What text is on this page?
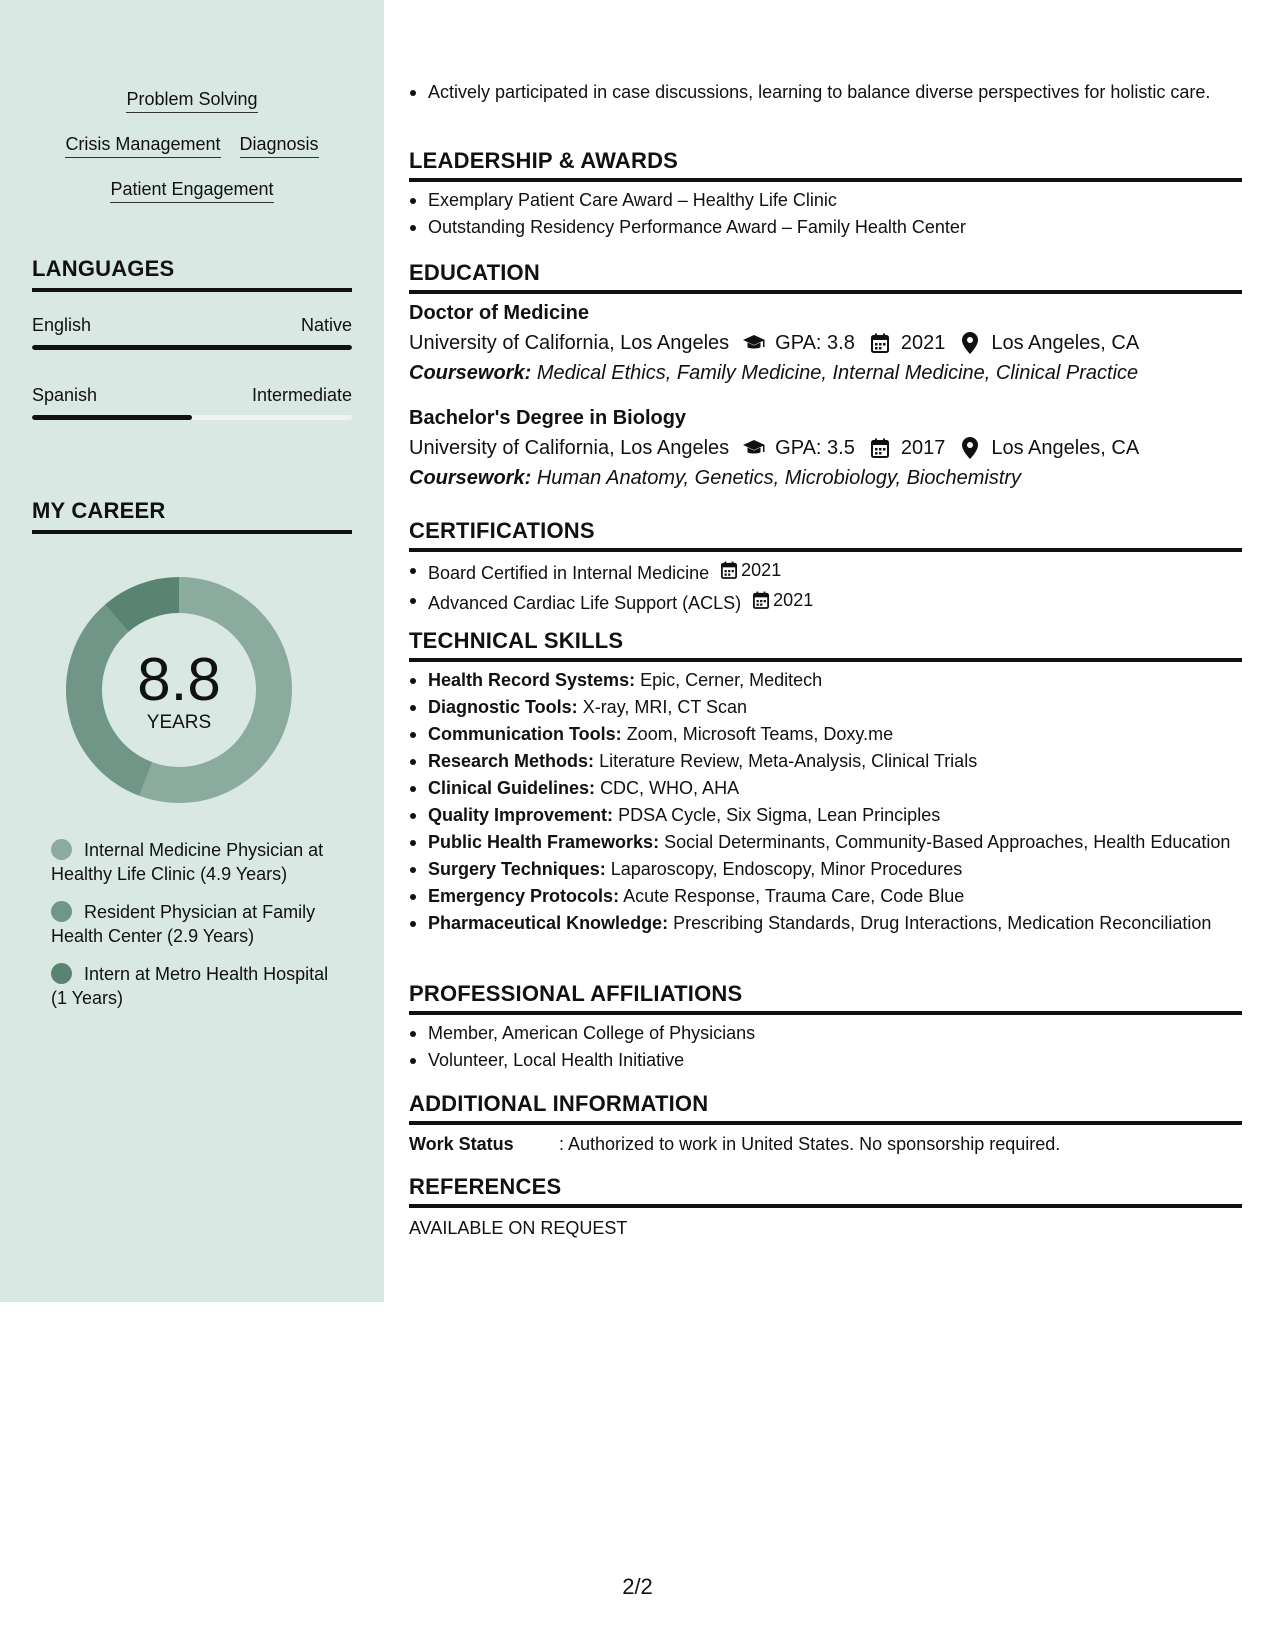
Problem Solving
Crisis Management Diagnosis
Patient Engagement
LANGUAGES
English	Native
Spanish	Intermediate
MY CAREER
8.8
YEARS
Internal Medicine Physician at Healthy Life Clinic (4.9 Years)
Resident Physician at Family Health Center (2.9 Years)
Intern at Metro Health Hospital (1 Years)
Actively participated in case discussions, learning to balance diverse perspectives for holistic care.
LEADERSHIP & AWARDS
Exemplary Patient Care Award – Healthy Life Clinic
Outstanding Residency Performance Award – Family Health Center
EDUCATION
Doctor of Medicine
University of California, Los Angeles GPA: 3.8 2021 Los Angeles, CA
Coursework: Medical Ethics, Family Medicine, Internal Medicine, Clinical Practice
Bachelor's Degree in Biology
University of California, Los Angeles GPA: 3.5 2017 Los Angeles, CA
Coursework: Human Anatomy, Genetics, Microbiology, Biochemistry
CERTIFICATIONS
Board Certified in Internal Medicine 2021
Advanced Cardiac Life Support (ACLS) 2021
TECHNICAL SKILLS
Health Record Systems: Epic, Cerner, Meditech
Diagnostic Tools: X-ray, MRI, CT Scan
Communication Tools: Zoom, Microsoft Teams, Doxy.me
Research Methods: Literature Review, Meta-Analysis, Clinical Trials
Clinical Guidelines: CDC, WHO, AHA
Quality Improvement: PDSA Cycle, Six Sigma, Lean Principles
Public Health Frameworks: Social Determinants, Community-Based Approaches, Health Education
Surgery Techniques: Laparoscopy, Endoscopy, Minor Procedures
Emergency Protocols: Acute Response, Trauma Care, Code Blue
Pharmaceutical Knowledge: Prescribing Standards, Drug Interactions, Medication Reconciliation
PROFESSIONAL AFFILIATIONS
Member, American College of Physicians
Volunteer, Local Health Initiative
ADDITIONAL INFORMATION
Work Status	: Authorized to work in United States. No sponsorship required.
REFERENCES
AVAILABLE ON REQUEST
2/2
